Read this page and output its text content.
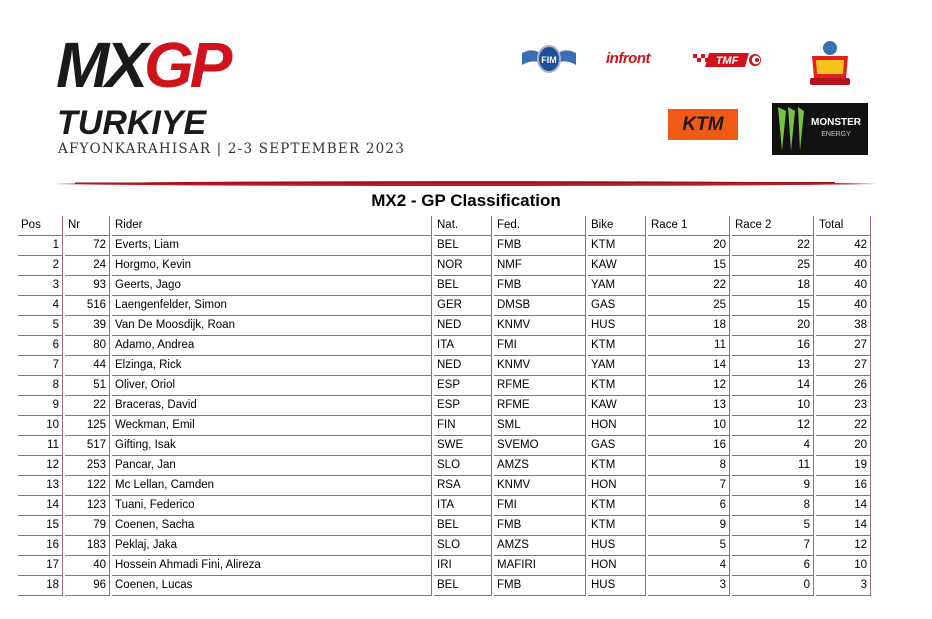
MXGP
TURKIYE
AFYONKARAHISAR | 2-3 SEPTEMBER 2023
FIM	infront	TMF
KTM	MONSTER
ENERGY
MX2 - GP Classification
Pos	Nr	Rider	Nat.	Fed.	Bike	Race 1	Race 2	Total
1	72	Everts, Liam	BEL	FMB	KTM	20	22	42
2	24	Horgmo, Kevin	NOR	NMF	KAW	15	25	40
3	93	Geerts, Jago	BEL	FMB	YAM	22	18	40
4	516	Laengenfelder, Simon	GER	DMSB	GAS	25	15	40
5	39	Van De Moosdijk, Roan	NED	KNMV	HUS	18	20	38
6	80	Adamo, Andrea	ITA	FMI	KTM	11	16	27
7	44	Elzinga, Rick	NED	KNMV	YAM	14	13	27
8	51	Oliver, Oriol	ESP	RFME	KTM	12	14	26
9	22	Braceras, David	ESP	RFME	KAW	13	10	23
10	125	Weckman, Emil	FIN	SML	HON	10	12	22
11	517	Gifting, Isak	SWE	SVEMO	GAS	16	4	20
12	253	Pancar, Jan	SLO	AMZS	KTM	8	11	19
13	122	Mc Lellan, Camden	RSA	KNMV	HON	7	9	16
14	123	Tuani, Federico	ITA	FMI	KTM	6	8	14
15	79	Coenen, Sacha	BEL	FMB	KTM	9	5	14
16	183	Peklaj, Jaka	SLO	AMZS	HUS	5	7	12
17	40	Hossein Ahmadi Fini, Alireza	IRI	MAFIRI	HON	4	6	10
18	96	Coenen, Lucas	BEL	FMB	HUS	3	0	3
